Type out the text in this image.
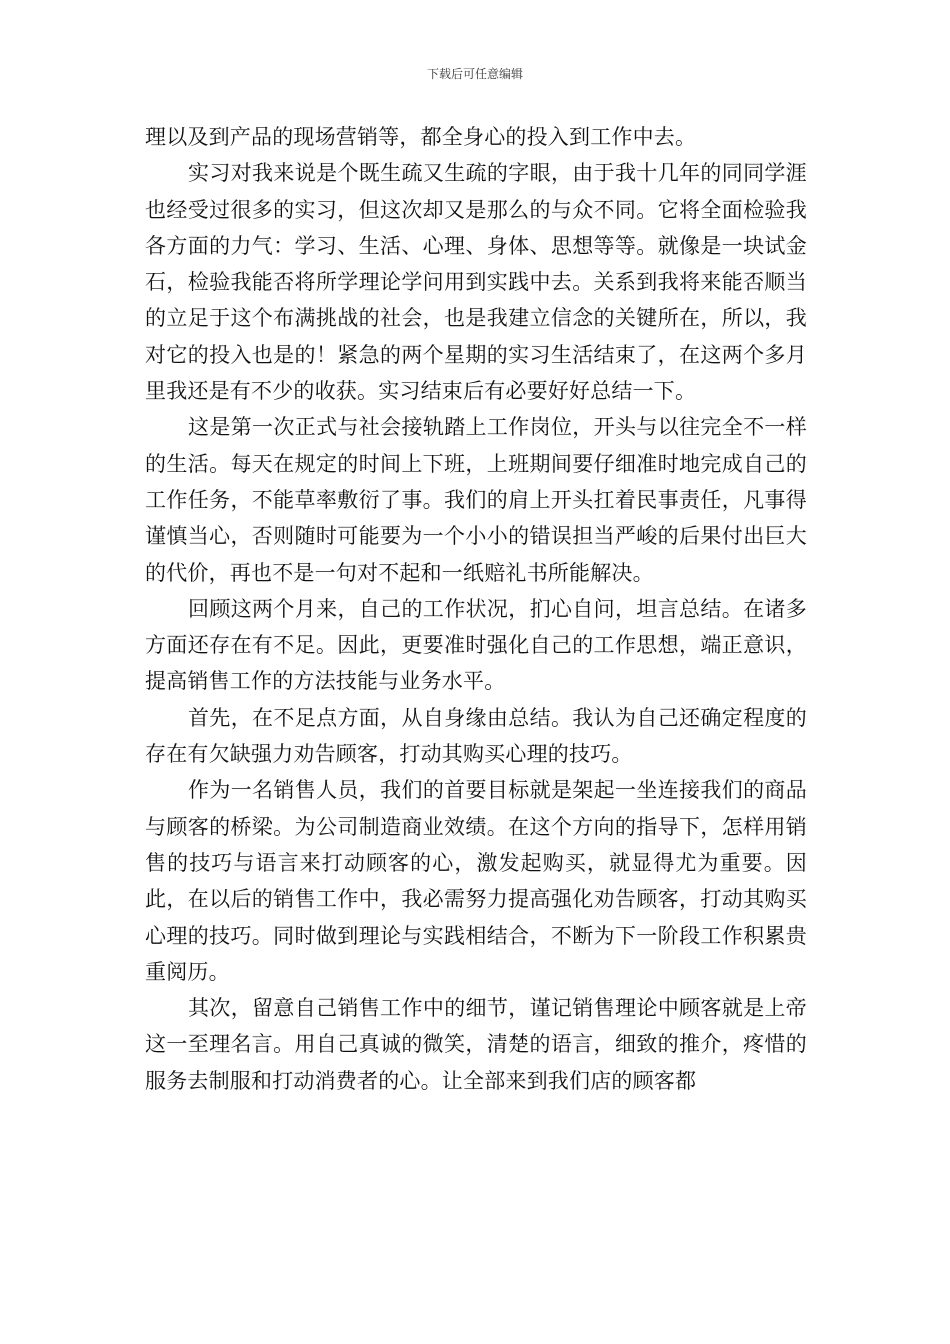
下载后可任意编辑

理以及到产品的现场营销等，都全身心的投入到工作中去。

实习对我来说是个既生疏又生疏的字眼，由于我十几年的同同学涯也经受过很多的实习，但这次却又是那么的与众不同。它将全面检验我各方面的力气：学习、生活、心理、身体、思想等等。就像是一块试金石，检验我能否将所学理论学问用到实践中去。关系到我将来能否顺当的立足于这个布满挑战的社会，也是我建立信念的关键所在，所以，我对它的投入也是的！紧急的两个星期的实习生活结束了，在这两个多月里我还是有不少的收获。实习结束后有必要好好总结一下。

这是第一次正式与社会接轨踏上工作岗位，开头与以往完全不一样的生活。每天在规定的时间上下班，上班期间要仔细准时地完成自己的工作任务，不能草率敷衍了事。我们的肩上开头扛着民事责任，凡事得谨慎当心，否则随时可能要为一个小小的错误担当严峻的后果付出巨大的代价，再也不是一句对不起和一纸赔礼书所能解决。

回顾这两个月来，自己的工作状况，扪心自问，坦言总结。在诸多方面还存在有不足。因此，更要准时强化自己的工作思想，端正意识，提高销售工作的方法技能与业务水平。

首先，在不足点方面，从自身缘由总结。我认为自己还确定程度的存在有欠缺强力劝告顾客，打动其购买心理的技巧。

作为一名销售人员，我们的首要目标就是架起一坐连接我们的商品与顾客的桥梁。为公司制造商业效绩。在这个方向的指导下，怎样用销售的技巧与语言来打动顾客的心，激发起购买，就显得尤为重要。因此，在以后的销售工作中，我必需努力提高强化劝告顾客，打动其购买心理的技巧。同时做到理论与实践相结合，不断为下一阶段工作积累贵重阅历。

其次，留意自己销售工作中的细节，谨记销售理论中顾客就是上帝这一至理名言。用自己真诚的微笑，清楚的语言，细致的推介，疼惜的服务去制服和打动消费者的心。让全部来到我们店的顾客都
